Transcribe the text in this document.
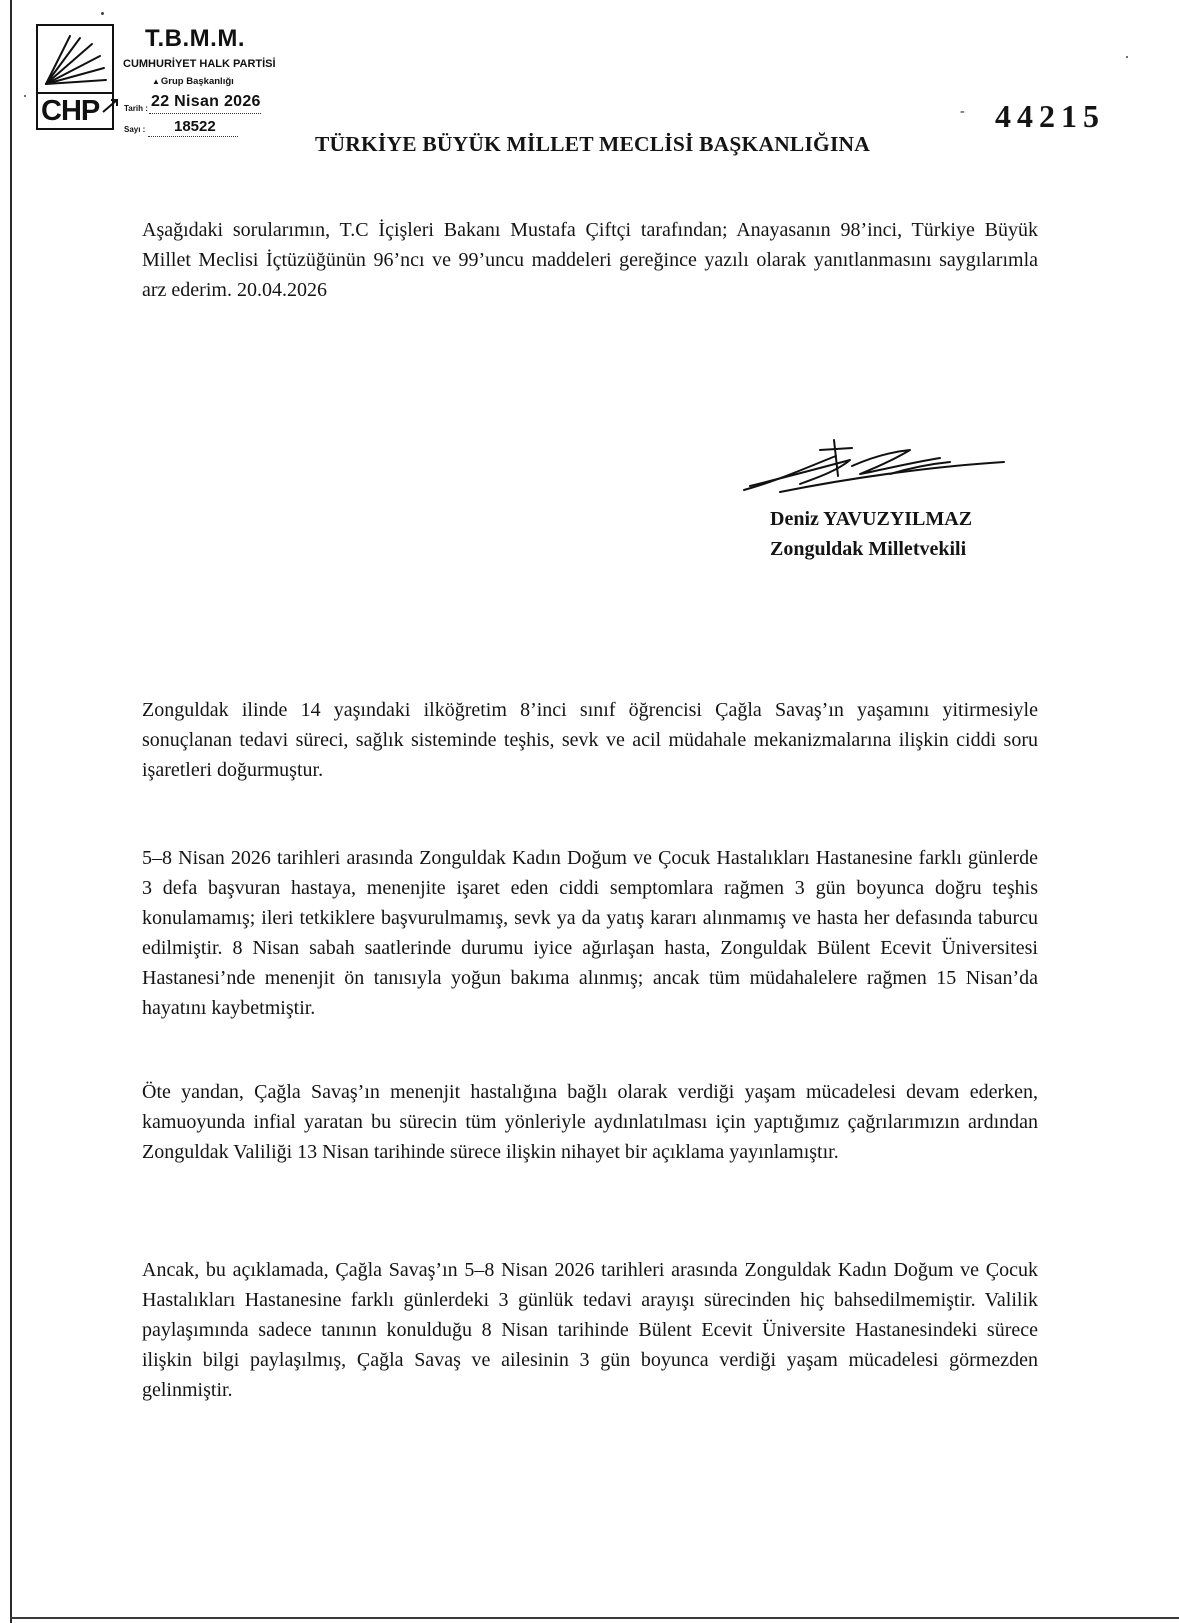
CHP
T.B.M.M.
CUMHURİYET HALK PARTİSİ
▲Grup Başkanlığı
Tarih : 22 Nisan 2026
Sayı : 18522
- 44215
TÜRKİYE BÜYÜK MİLLET MECLİSİ BAŞKANLIĞINA
Aşağıdaki sorularımın, T.C İçişleri Bakanı Mustafa Çiftçi tarafından; Anayasanın 98’inci, Türkiye Büyük Millet Meclisi İçtüzüğünün 96’ncı ve 99’uncu maddeleri gereğince yazılı olarak yanıtlanmasını saygılarımla arz ederim. 20.04.2026
Deniz YAVUZYILMAZ
Zonguldak Milletvekili
Zonguldak ilinde 14 yaşındaki ilköğretim 8’inci sınıf öğrencisi Çağla Savaş’ın yaşamını yitirmesiyle sonuçlanan tedavi süreci, sağlık sisteminde teşhis, sevk ve acil müdahale mekanizmalarına ilişkin ciddi soru işaretleri doğurmuştur.
5–8 Nisan 2026 tarihleri arasında Zonguldak Kadın Doğum ve Çocuk Hastalıkları Hastanesine farklı günlerde 3 defa başvuran hastaya, menenjite işaret eden ciddi semptomlara rağmen 3 gün boyunca doğru teşhis konulamamış; ileri tetkiklere başvurulmamış, sevk ya da yatış kararı alınmamış ve hasta her defasında taburcu edilmiştir. 8 Nisan sabah saatlerinde durumu iyice ağırlaşan hasta, Zonguldak Bülent Ecevit Üniversitesi Hastanesi’nde menenjit ön tanısıyla yoğun bakıma alınmış; ancak tüm müdahalelere rağmen 15 Nisan’da hayatını kaybetmiştir.
Öte yandan, Çağla Savaş’ın menenjit hastalığına bağlı olarak verdiği yaşam mücadelesi devam ederken, kamuoyunda infial yaratan bu sürecin tüm yönleriyle aydınlatılması için yaptığımız çağrılarımızın ardından Zonguldak Valiliği 13 Nisan tarihinde sürece ilişkin nihayet bir açıklama yayınlamıştır.
Ancak, bu açıklamada, Çağla Savaş’ın 5–8 Nisan 2026 tarihleri arasında Zonguldak Kadın Doğum ve Çocuk Hastalıkları Hastanesine farklı günlerdeki 3 günlük tedavi arayışı sürecinden hiç bahsedilmemiştir. Valilik paylaşımında sadece tanının konulduğu 8 Nisan tarihinde Bülent Ecevit Üniversite Hastanesindeki sürece ilişkin bilgi paylaşılmış, Çağla Savaş ve ailesinin 3 gün boyunca verdiği yaşam mücadelesi görmezden gelinmiştir.
